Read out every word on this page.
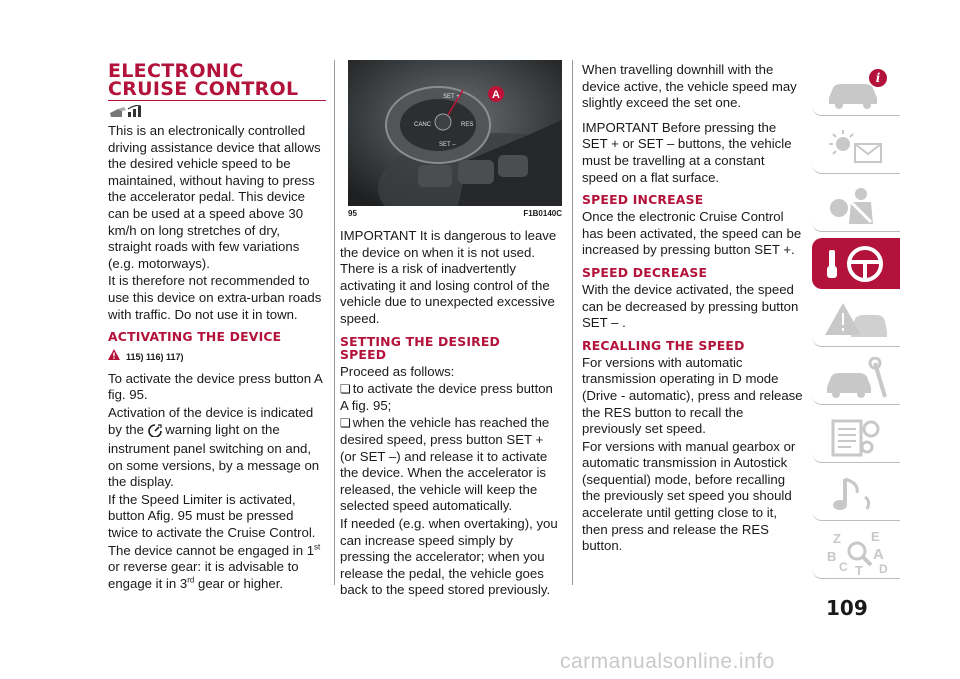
ELECTRONIC
CRUISE CONTROL

This is an electronically controlled driving assistance device that allows the desired vehicle speed to be maintained, without having to press the accelerator pedal. This device can be used at a speed above 30 km/h on long stretches of dry, straight roads with few variations (e.g. motorways).

It is therefore not recommended to use this device on extra-urban roads with traffic. Do not use it in town.

ACTIVATING THE DEVICE
115) 116) 117)

To activate the device press button A fig. 95.

Activation of the device is indicated by the warning light on the instrument panel switching on and, on some versions, by a message on the display.

If the Speed Limiter is activated, button Afig. 95 must be pressed twice to activate the Cruise Control.

The device cannot be engaged in 1st or reverse gear: it is advisable to engage it in 3rd gear or higher.

A
SET +
CANC	RES
SET –
95	F1B0140C

IMPORTANT It is dangerous to leave the device on when it is not used. There is a risk of inadvertently activating it and losing control of the vehicle due to unexpected excessive speed.

SETTING THE DESIRED
SPEED

Proceed as follows:

❏ to activate the device press button A fig. 95;

❏ when the vehicle has reached the desired speed, press button SET + (or SET –) and release it to activate the device. When the accelerator is released, the vehicle will keep the selected speed automatically.

If needed (e.g. when overtaking), you can increase speed simply by pressing the accelerator; when you release the pedal, the vehicle goes back to the speed stored previously.

When travelling downhill with the device active, the vehicle speed may slightly exceed the set one.

IMPORTANT Before pressing the SET + or SET – buttons, the vehicle must be travelling at a constant speed on a flat surface.

SPEED INCREASE

Once the electronic Cruise Control has been activated, the speed can be increased by pressing button SET +.

SPEED DECREASE

With the device activated, the speed can be decreased by pressing button SET – .

RECALLING THE SPEED

For versions with automatic transmission operating in D mode (Drive - automatic), press and release the RES button to recall the previously set speed.

For versions with manual gearbox or automatic transmission in Autostick (sequential) mode, before recalling the previously set speed you should accelerate until getting close to it, then press and release the RES button.

i
Z E
B A
C T D
109
carmanualsonline.info
